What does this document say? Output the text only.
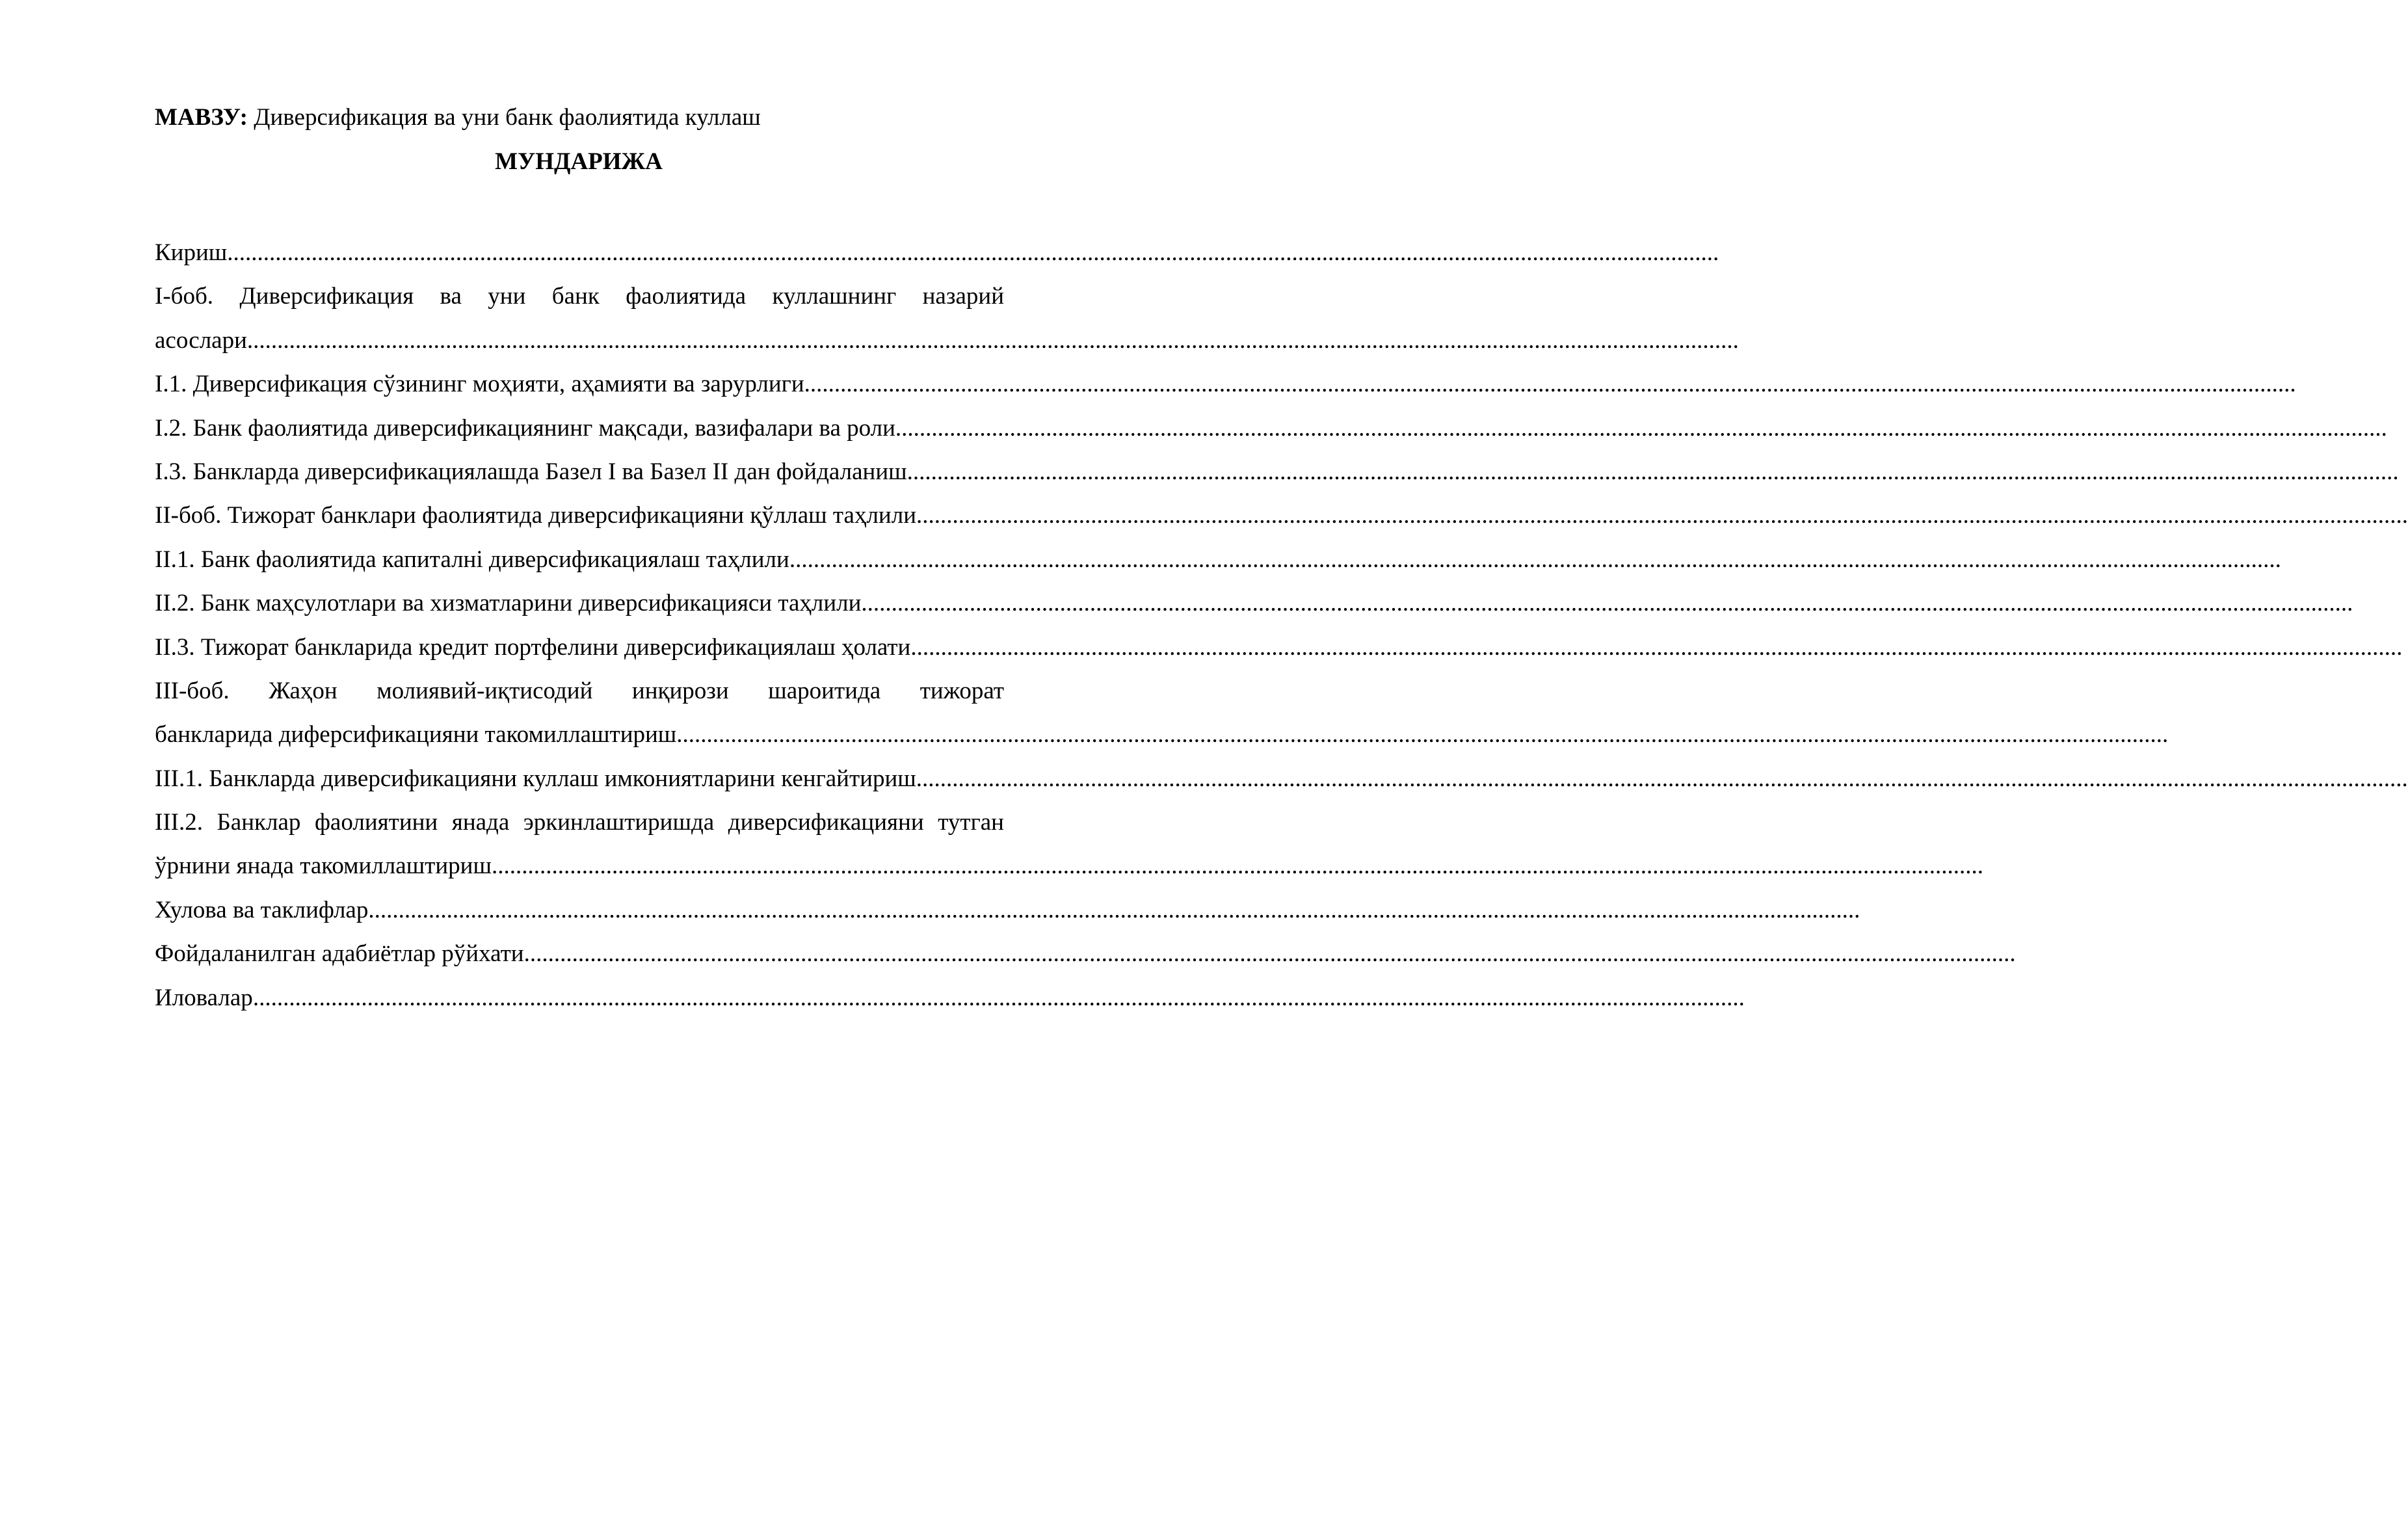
МАВЗУ: Диверсификация ва уни банк фаолиятида куллаш
МУНДАРИЖА
Кириш ........................................................................................................................................................................................................................................................
I-боб. Диверсификация ва уни банк фаолиятида куллашнинг назарий
асослари ........................................................................................................................................................................................................................................................
I.1. Диверсификация сўзининг моҳияти, аҳамияти ва зарурлиги ........................................................................................................................................................................................................................................................
I.2. Банк фаолиятида диверсификациянинг мақсади, вазифалари ва роли ........................................................................................................................................................................................................................................................
I.3. Банкларда диверсификациялашда Базел I ва Базел II дан фойдаланиш ........................................................................................................................................................................................................................................................
II-боб. Тижорат банклари фаолиятида диверсификацияни қўллаш таҳлили ........................................................................................................................................................................................................................................................
II.1. Банк фаолиятида капиталнi диверсификациялаш таҳлили ........................................................................................................................................................................................................................................................
II.2. Банк маҳсулотлари ва хизматларини диверсификацияси таҳлили ........................................................................................................................................................................................................................................................
II.3. Тижорат банкларида кредит портфелини диверсификациялаш ҳолати ........................................................................................................................................................................................................................................................
III-боб. Жаҳон молиявий-иқтисодий инқирози шароитида тижорат
банкларида диферсификацияни такомиллаштириш ........................................................................................................................................................................................................................................................
III.1. Банкларда диверсификацияни куллаш имкониятларини кенгайтириш ........................................................................................................................................................................................................................................................
III.2. Банклар фаолиятини янада эркинлаштиришда диверсификацияни тутган
ўрнини янада такомиллаштириш ........................................................................................................................................................................................................................................................
Хулова ва таклифлар ........................................................................................................................................................................................................................................................
Фойдаланилган адабиётлар рўйхати ........................................................................................................................................................................................................................................................
Иловалар ........................................................................................................................................................................................................................................................
